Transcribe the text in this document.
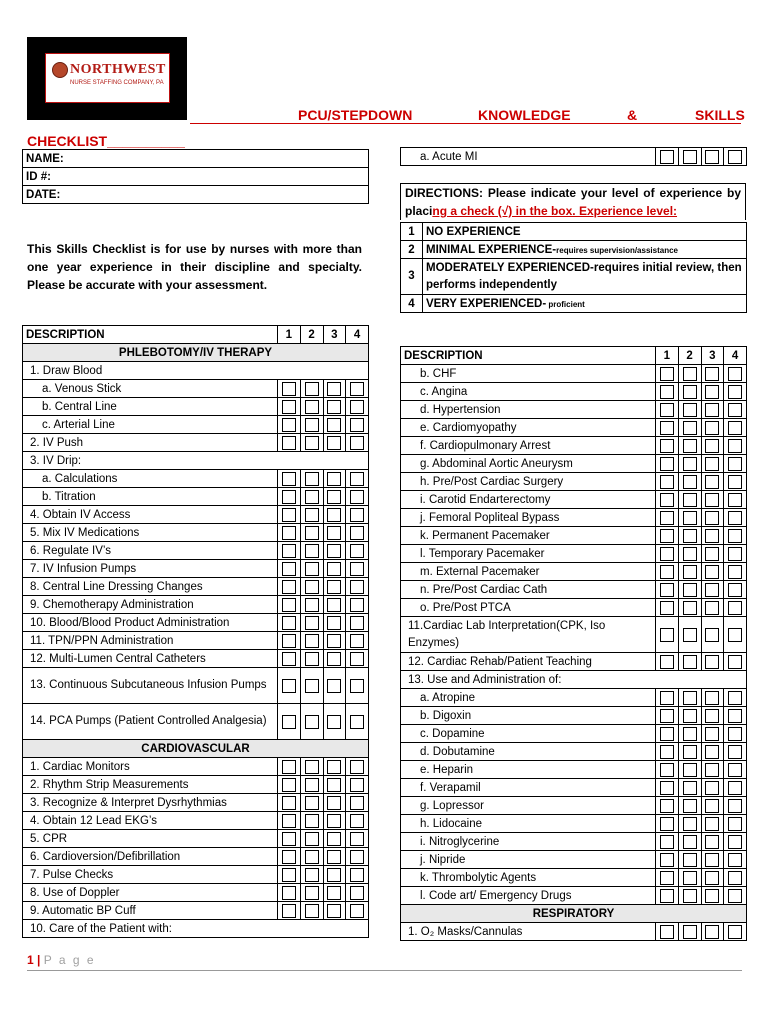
NORTHWEST
NURSE STAFFING COMPANY, PA
PCU/STEPDOWN	KNOWLEDGE	&	SKILLS
CHECKLIST__________
NAME:
ID #:
DATE:
This Skills Checklist is for use by nurses with more than one year experience in their discipline and specialty. Please be accurate with your assessment.
a. Acute MI	

DIRECTIONS: Please indicate your level of experience by placing a check (√) in the box. Experience level:
1	NO EXPERIENCE
2	MINIMAL EXPERIENCE-requires supervision/assistance
3	MODERATELY EXPERIENCED-requires initial review, then performs independently
4	VERY EXPERIENCED- proficient
DESCRIPTION	1	2	3	4
PHLEBOTOMY/IV THERAPY				
1. Draw Blood				
a. Venous Stick	

b. Central Line	

c. Arterial Line	

2. IV Push	

3. IV Drip:				
a. Calculations	

b. Titration	

4. Obtain IV Access	

5. Mix IV Medications	

6. Regulate IV’s	

7. IV Infusion Pumps	

8. Central Line Dressing Changes	

9. Chemotherapy Administration	

10. Blood/Blood Product Administration	

11. TPN/PPN Administration	

12. Multi-Lumen Central Catheters	

13. Continuous Subcutaneous Infusion Pumps	

14. PCA Pumps (Patient Controlled Analgesia)	

CARDIOVASCULAR				
1. Cardiac Monitors	

2. Rhythm Strip Measurements	

3. Recognize & Interpret Dysrhythmias	

4. Obtain 12 Lead EKG’s	

5. CPR	

6. Cardioversion/Defibrillation	

7. Pulse Checks	

8. Use of Doppler	

9. Automatic BP Cuff	

10. Care of the Patient with:				
DESCRIPTION	1	2	3	4
b. CHF	

c. Angina	

d. Hypertension	

e. Cardiomyopathy	

f. Cardiopulmonary Arrest	

g. Abdominal Aortic Aneurysm	

h. Pre/Post Cardiac Surgery	

i. Carotid Endarterectomy	

j. Femoral Popliteal Bypass	

k. Permanent Pacemaker	

l. Temporary Pacemaker	

m. External Pacemaker	

n. Pre/Post Cardiac Cath	

o. Pre/Post PTCA	

11.Cardiac Lab Interpretation(CPK, Iso Enzymes)	

12. Cardiac Rehab/Patient Teaching	

13. Use and Administration of:				
a. Atropine	

b. Digoxin	

c. Dopamine	

d. Dobutamine	

e. Heparin	

f. Verapamil	

g. Lopressor	

h. Lidocaine	

i. Nitroglycerine	

j. Nipride	

k. Thrombolytic Agents	

l. Code art/ Emergency Drugs	

RESPIRATORY				
1. O₂ Masks/Cannulas	

1 | P a g e
